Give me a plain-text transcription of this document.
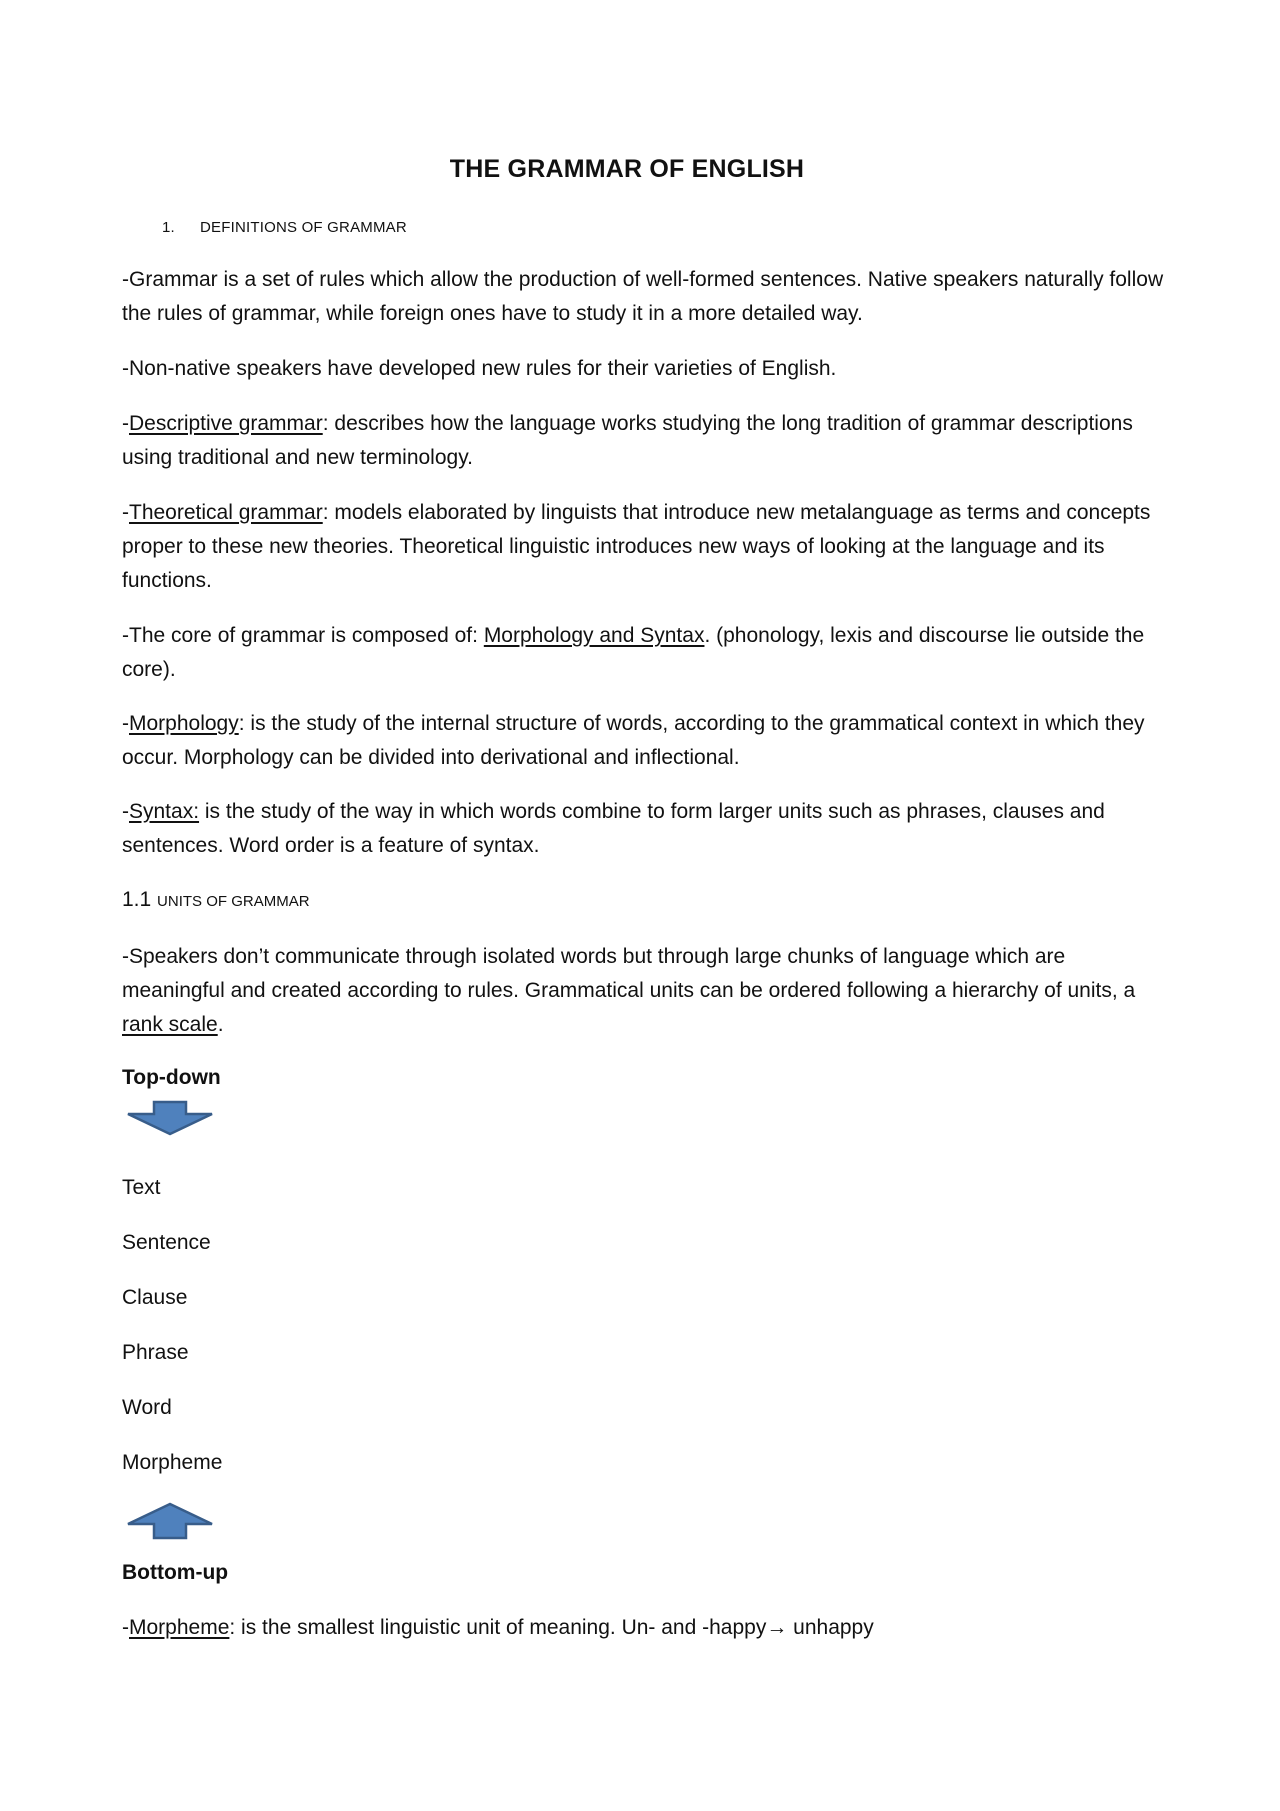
THE GRAMMAR OF ENGLISH
1. DEFINITIONS OF GRAMMAR

-Grammar is a set of rules which allow the production of well-formed sentences. Native speakers naturally follow the rules of grammar, while foreign ones have to study it in a more detailed way.

-Non-native speakers have developed new rules for their varieties of English.

-Descriptive grammar: describes how the language works studying the long tradition of grammar descriptions using traditional and new terminology.

-Theoretical grammar: models elaborated by linguists that introduce new metalanguage as terms and concepts proper to these new theories. Theoretical linguistic introduces new ways of looking at the language and its functions.

-The core of grammar is composed of: Morphology and Syntax. (phonology, lexis and discourse lie outside the core).

-Morphology: is the study of the internal structure of words, according to the grammatical context in which they occur. Morphology can be divided into derivational and inflectional.

-Syntax: is the study of the way in which words combine to form larger units such as phrases, clauses and sentences. Word order is a feature of syntax.

1.1 UNITS OF GRAMMAR

-Speakers don’t communicate through isolated words but through large chunks of language which are meaningful and created according to rules. Grammatical units can be ordered following a hierarchy of units, a rank scale.

Top-down
Text
Sentence
Clause
Phrase
Word
Morpheme
Bottom-up

-Morpheme: is the smallest linguistic unit of meaning. Un- and -happy→ unhappy
